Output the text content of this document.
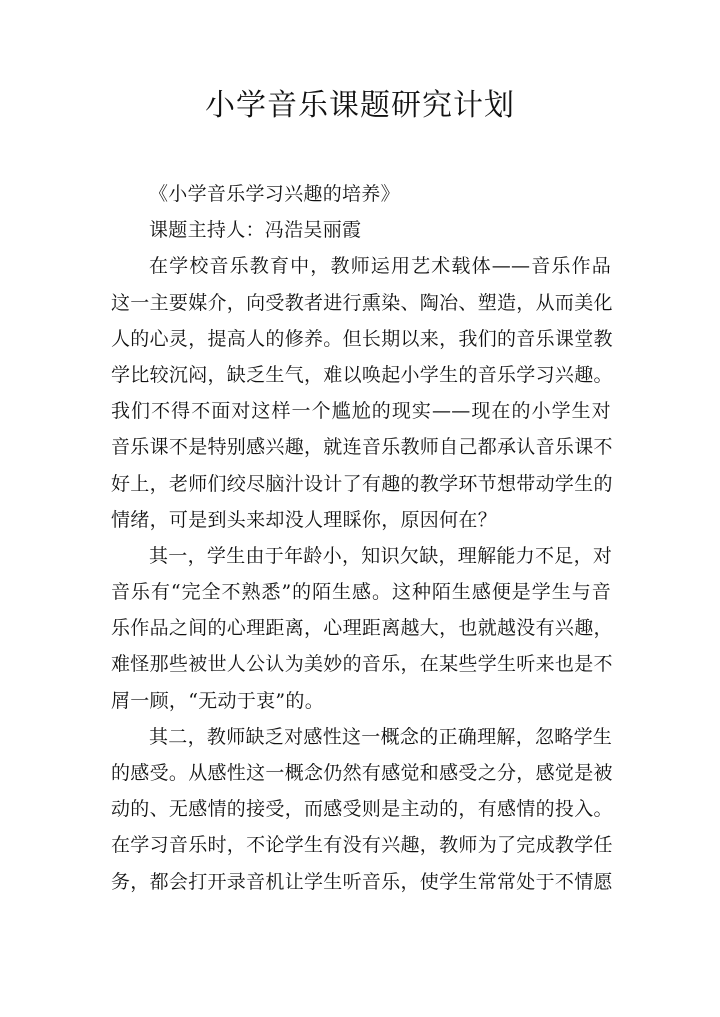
小学音乐课题研究计划

《小学音乐学习兴趣的培养》

课题主持人：冯浩吴丽霞

在学校音乐教育中，教师运用艺术载体——音乐作品

这一主要媒介，向受教者进行熏染、陶冶、塑造，从而美化

人的心灵，提高人的修养。但长期以来，我们的音乐课堂教

学比较沉闷，缺乏生气，难以唤起小学生的音乐学习兴趣。

我们不得不面对这样一个尴尬的现实——现在的小学生对

音乐课不是特别感兴趣，就连音乐教师自己都承认音乐课不

好上，老师们绞尽脑汁设计了有趣的教学环节想带动学生的

情绪，可是到头来却没人理睬你，原因何在？

其一，学生由于年龄小，知识欠缺，理解能力不足，对

音乐有“完全不熟悉”的陌生感。这种陌生感便是学生与音

乐作品之间的心理距离，心理距离越大，也就越没有兴趣，

难怪那些被世人公认为美妙的音乐，在某些学生听来也是不

屑一顾，“无动于衷”的。

其二，教师缺乏对感性这一概念的正确理解，忽略学生

的感受。从感性这一概念仍然有感觉和感受之分，感觉是被

动的、无感情的接受，而感受则是主动的，有感情的投入。

在学习音乐时，不论学生有没有兴趣，教师为了完成教学任

务，都会打开录音机让学生听音乐，使学生常常处于不情愿
